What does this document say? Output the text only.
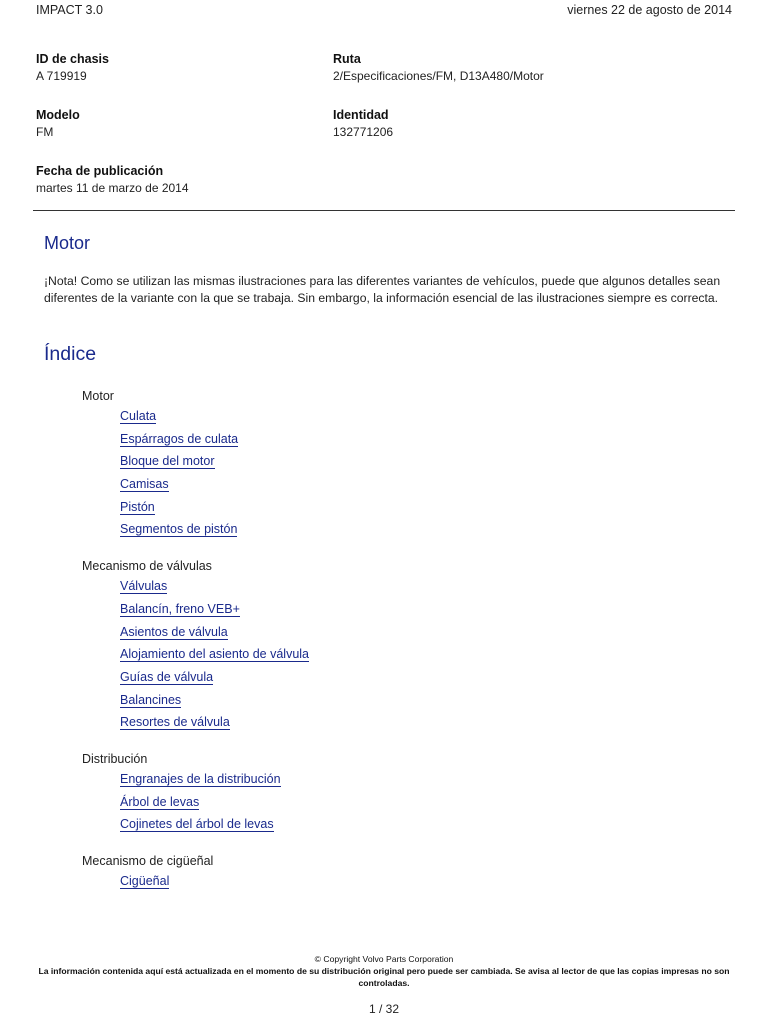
IMPACT 3.0	viernes 22 de agosto de 2014
ID de chasis
A 719919
Ruta
2/Especificaciones/FM, D13A480/Motor
Modelo
FM
Identidad
132771206
Fecha de publicación
martes 11 de marzo de 2014
Motor

¡Nota! Como se utilizan las mismas ilustraciones para las diferentes variantes de vehículos, puede que algunos detalles sean diferentes de la variante con la que se trabaja. Sin embargo, la información esencial de las ilustraciones siempre es correcta.

Índice
Motor
Culata
Espárragos de culata
Bloque del motor
Camisas
Pistón
Segmentos de pistón
Mecanismo de válvulas
Válvulas
Balancín, freno VEB+
Asientos de válvula
Alojamiento del asiento de válvula
Guías de válvula
Balancines
Resortes de válvula
Distribución
Engranajes de la distribución
Árbol de levas
Cojinetes del árbol de levas
Mecanismo de cigüeñal
Cigüeñal
© Copyright Volvo Parts Corporation
La información contenida aquí está actualizada en el momento de su distribución original pero puede ser cambiada. Se avisa al lector de que las copias impresas no son controladas.
1 / 32
